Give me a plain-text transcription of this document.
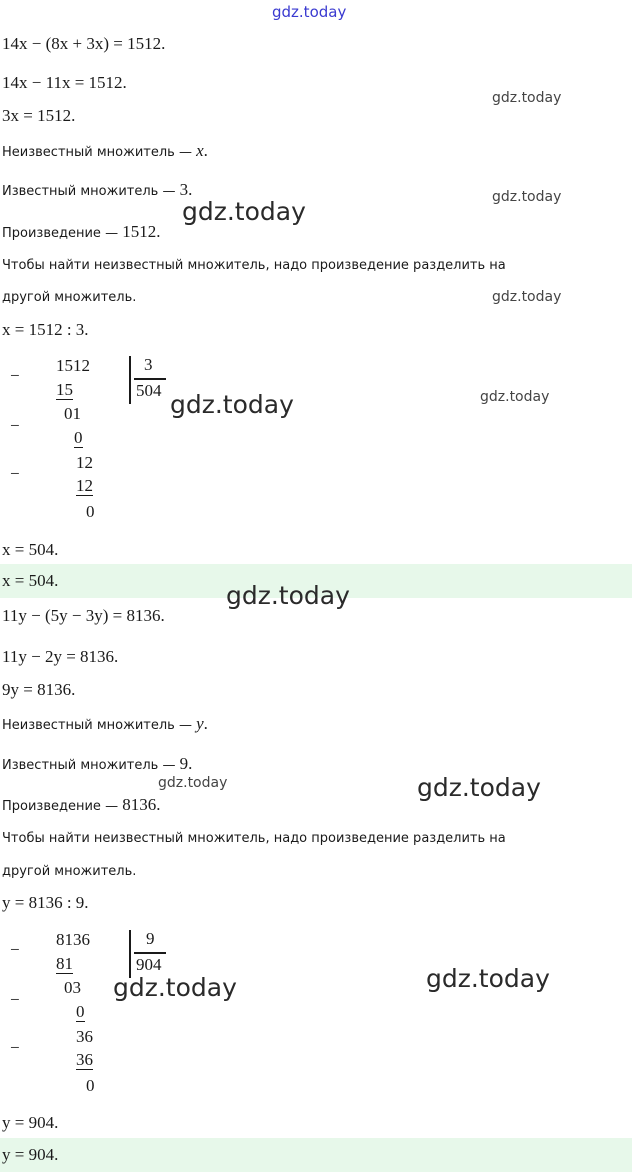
gdz.today
14x − (8x + 3x) = 1512.
14x − 11x = 1512.
3x = 1512.
Неизвестный множитель — x.
Известный множитель — 3.
Произведение — 1512.
Чтобы найти неизвестный множитель, надо произведение разделить на
другой множитель.
x = 1512 : 3.
−
−
−
1512
15
01
0
12
12
0
3
504
x = 504.
x = 504.
11y − (5y − 3y) = 8136.
11y − 2y = 8136.
9y = 8136.
Неизвестный множитель — y.
Известный множитель — 9.
Произведение — 8136.
Чтобы найти неизвестный множитель, надо произведение разделить на
другой множитель.
y = 8136 : 9.
−
−
−
8136
81
03
0
36
36
0
9
904
y = 904.
y = 904.
gdz.today
gdz.today
gdz.today
gdz.today
gdz.today	gdz.today
gdz.today
gdz.today	gdz.today
gdz.today
gdz.today
